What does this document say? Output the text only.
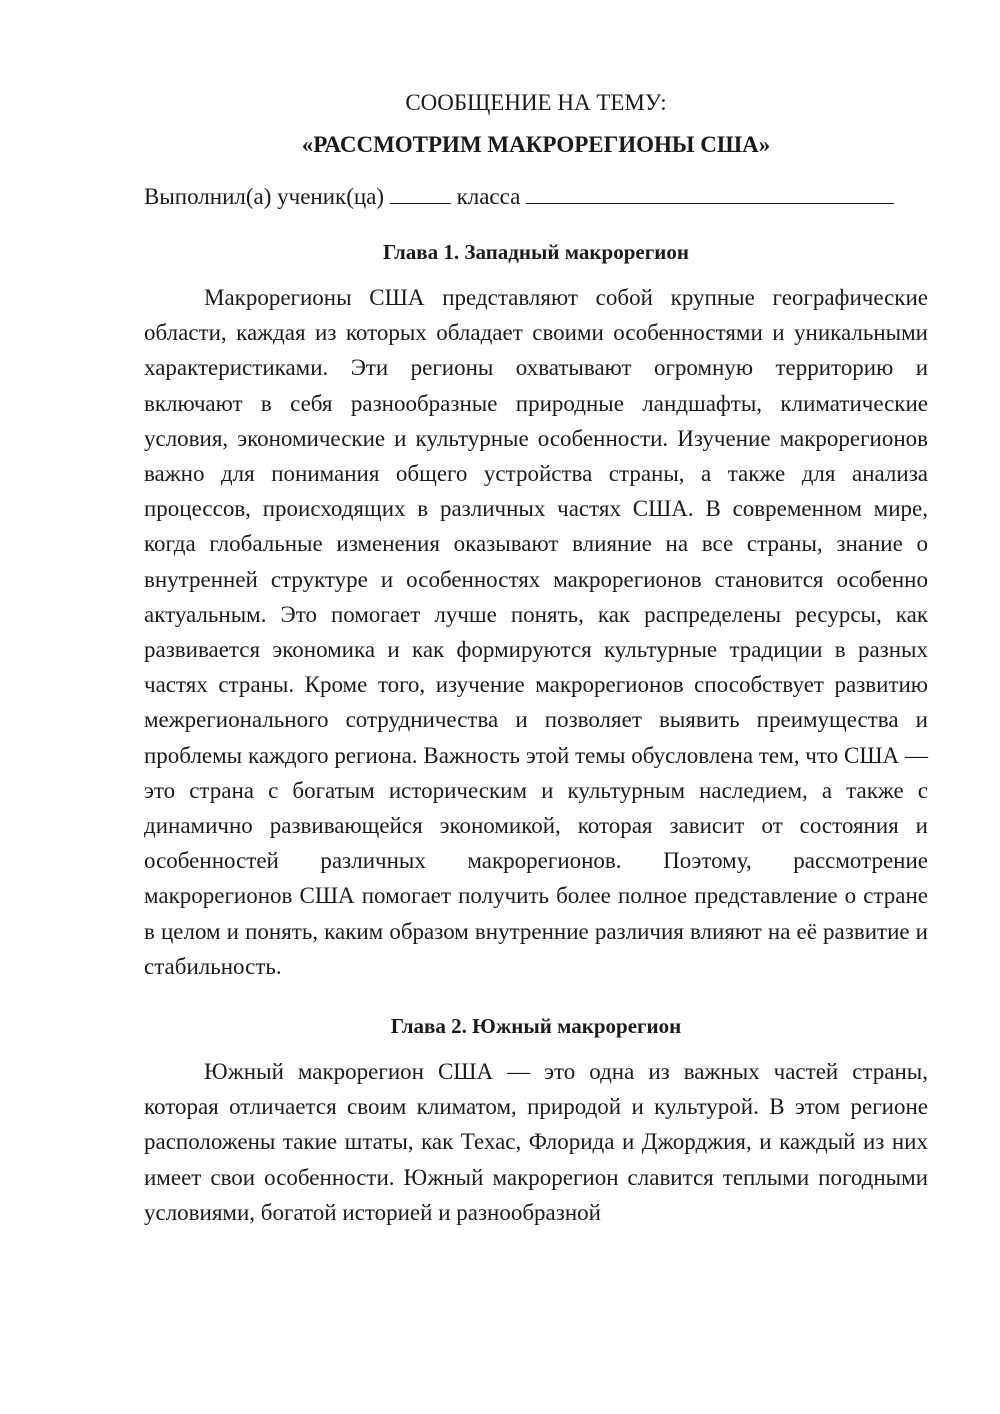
СООБЩЕНИЕ НА ТЕМУ:

«РАССМОТРИМ МАКРОРЕГИОНЫ США»

Выполнил(а) ученик(ца)	класса

Глава 1. Западный макрорегион

Макрорегионы США представляют собой крупные географические области, каждая из которых обладает своими особенностями и уникальными характеристиками. Эти регионы охватывают огромную территорию и включают в себя разнообразные природные ландшафты, климатические условия, экономические и культурные особенности. Изучение макрорегионов важно для понимания общего устройства страны, а также для анализа процессов, происходящих в различных частях США. В современном мире, когда глобальные изменения оказывают влияние на все страны, знание о внутренней структуре и особенностях макрорегионов становится особенно актуальным. Это помогает лучше понять, как распределены ресурсы, как развивается экономика и как формируются культурные традиции в разных частях страны. Кроме того, изучение макрорегионов способствует развитию межрегионального сотрудничества и позволяет выявить преимущества и проблемы каждого региона. Важность этой темы обусловлена тем, что США — это страна с богатым историческим и культурным наследием, а также с динамично развивающейся экономикой, которая зависит от состояния и особенностей различных макрорегионов. Поэтому, рассмотрение макрорегионов США помогает получить более полное представление о стране в целом и понять, каким образом внутренние различия влияют на её развитие и стабильность.

Глава 2. Южный макрорегион

Южный макрорегион США — это одна из важных частей страны, которая отличается своим климатом, природой и культурой. В этом регионе расположены такие штаты, как Техас, Флорида и Джорджия, и каждый из них имеет свои особенности. Южный макрорегион славится теплыми погодными условиями, богатой историей и разнообразной
